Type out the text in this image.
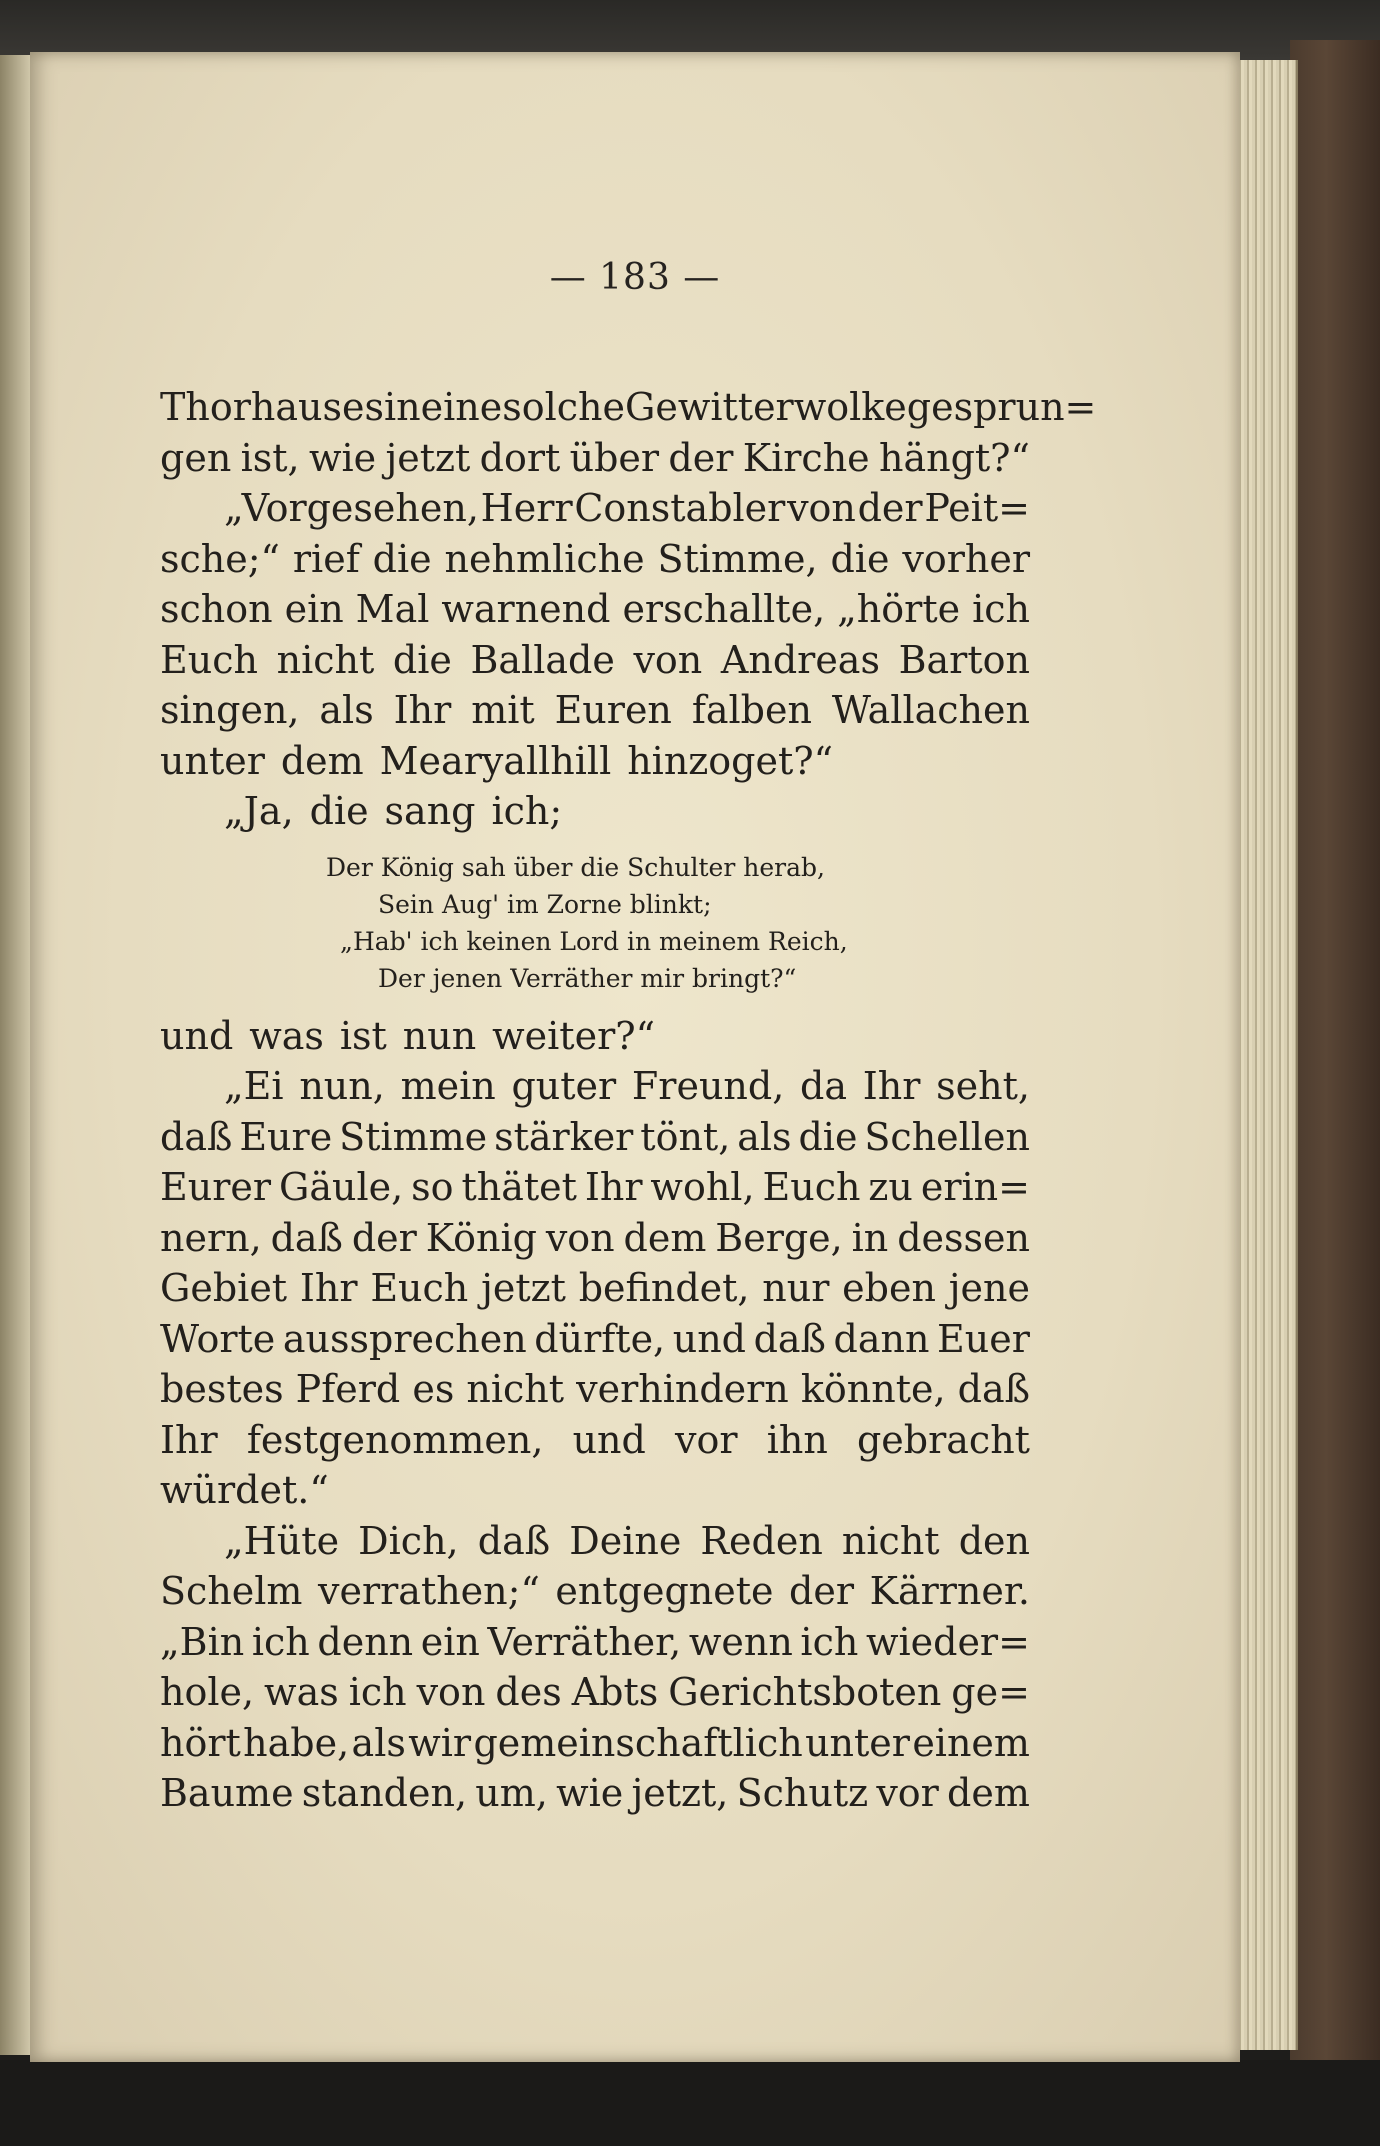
— 183 —
Thorhauses in eine solche Gewitterwolke gesprun=
gen ist, wie jetzt dort über der Kirche hängt?“
„Vorgesehen, Herr Constabler von der Peit=
sche;“ rief die nehmliche Stimme, die vorher
schon ein Mal warnend erschallte, „hörte ich
Euch nicht die Ballade von Andreas Barton
singen, als Ihr mit Euren falben Wallachen
unter dem Mearyallhill hinzoget?“
„Ja, die sang ich;
Der König sah über die Schulter herab,
Sein Aug' im Zorne blinkt;
„Hab' ich keinen Lord in meinem Reich,
Der jenen Verräther mir bringt?“
und was ist nun weiter?“
„Ei nun, mein guter Freund, da Ihr seht,
daß Eure Stimme stärker tönt, als die Schellen
Eurer Gäule, so thätet Ihr wohl, Euch zu erin=
nern, daß der König von dem Berge, in dessen
Gebiet Ihr Euch jetzt befindet, nur eben jene
Worte aussprechen dürfte, und daß dann Euer
bestes Pferd es nicht verhindern könnte, daß
Ihr festgenommen, und vor ihn gebracht
würdet.“
„Hüte Dich, daß Deine Reden nicht den
Schelm verrathen;“ entgegnete der Kärrner.
„Bin ich denn ein Verräther, wenn ich wieder=
hole, was ich von des Abts Gerichtsboten ge=
hört habe, als wir gemeinschaftlich unter einem
Baume standen, um, wie jetzt, Schutz vor dem
